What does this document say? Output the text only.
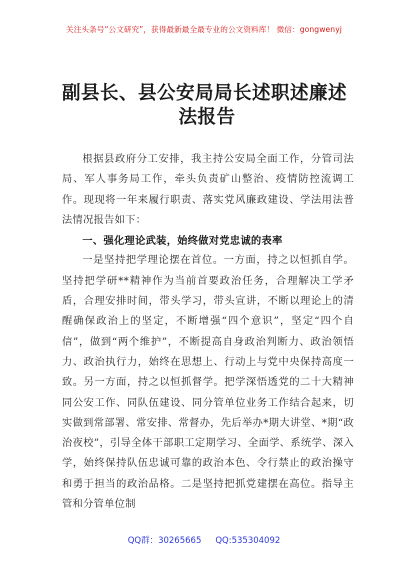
关注头条号“公文研究”，获得最新最全最专业的公文资料库！ 微信：gongwenyj
副县长、县公安局局长述职述廉述
法报告

根据县政府分工安排，我主持公安局全面工作，分管司法局、军人事务局工作，牵头负责矿山整治、疫情防控流调工作。现现将一年来履行职责、落实党风廉政建设、学法用法普法情况报告如下：

一、强化理论武装，始终做对党忠诚的表率

一是坚持把学理论摆在首位。一方面，持之以恒抓自学。坚持把学研**精神作为当前首要政治任务，合理解决工学矛盾，合理安排时间，带头学习，带头宣讲，不断以理论上的清醒确保政治上的坚定，不断增强“四个意识”，坚定“四个自信”，做到“两个维护”，不断提高自身政治判断力、政治领悟力、政治执行力，始终在思想上、行动上与党中央保持高度一致。另一方面，持之以恒抓督学。把学深悟透党的二十大精神同公安工作、同队伍建设、同分管单位业务工作结合起来，切实做到常部署、常安排、常督办，先后举办*期大讲堂、*期“政治夜校”，引导全体干部职工定期学习、全面学、系统学、深入学，始终保持队伍忠诚可靠的政治本色、令行禁止的政治操守和勇于担当的政治品格。二是坚持把抓党建摆在高位。指导主管和分管单位制

QQ群：30265665 QQ:535304092
